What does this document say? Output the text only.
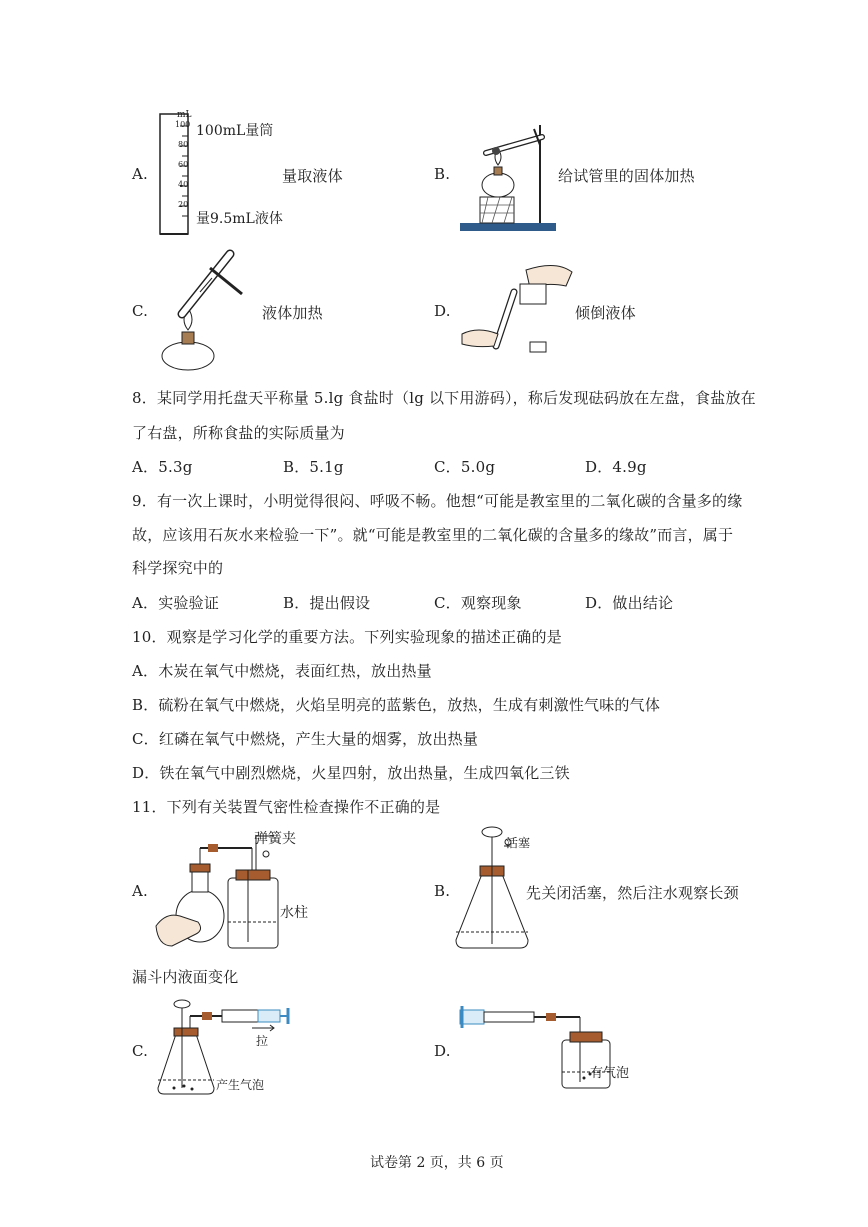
A.
mL
100
80
60
40
20
100mL量筒
量9.5mL液体
量取液体	B.	给试管里的固体加热
C.	液体加热	D.	倾倒液体
8．某同学用托盘天平称量 5.lg 食盐时（lg 以下用游码），称后发现砝码放在左盘，食盐放在
了右盘，所称食盐的实际质量为
A．5.3g	B．5.1g	C．5.0g	D．4.9g
9．有一次上课时，小明觉得很闷、呼吸不畅。他想“可能是教室里的二氧化碳的含量多的缘
故，应该用石灰水来检验一下”。就“可能是教室里的二氧化碳的含量多的缘故”而言，属于
科学探究中的
A．实验验证	B．提出假设	C．观察现象	D．做出结论
10．观察是学习化学的重要方法。下列实验现象的描述正确的是
A．木炭在氧气中燃烧，表面红热，放出热量
B．硫粉在氧气中燃烧，火焰呈明亮的蓝紫色，放热，生成有刺激性气味的气体
C．红磷在氧气中燃烧，产生大量的烟雾，放出热量
D．铁在氧气中剧烈燃烧，火星四射，放出热量，生成四氧化三铁
11．下列有关装置气密性检查操作不正确的是
A.
弹簧夹
水柱
B.
活塞
先关闭活塞，然后注水观察长颈
漏斗内液面变化
C.
拉
产生气泡
D.
有气泡
试卷第 2 页，共 6 页
